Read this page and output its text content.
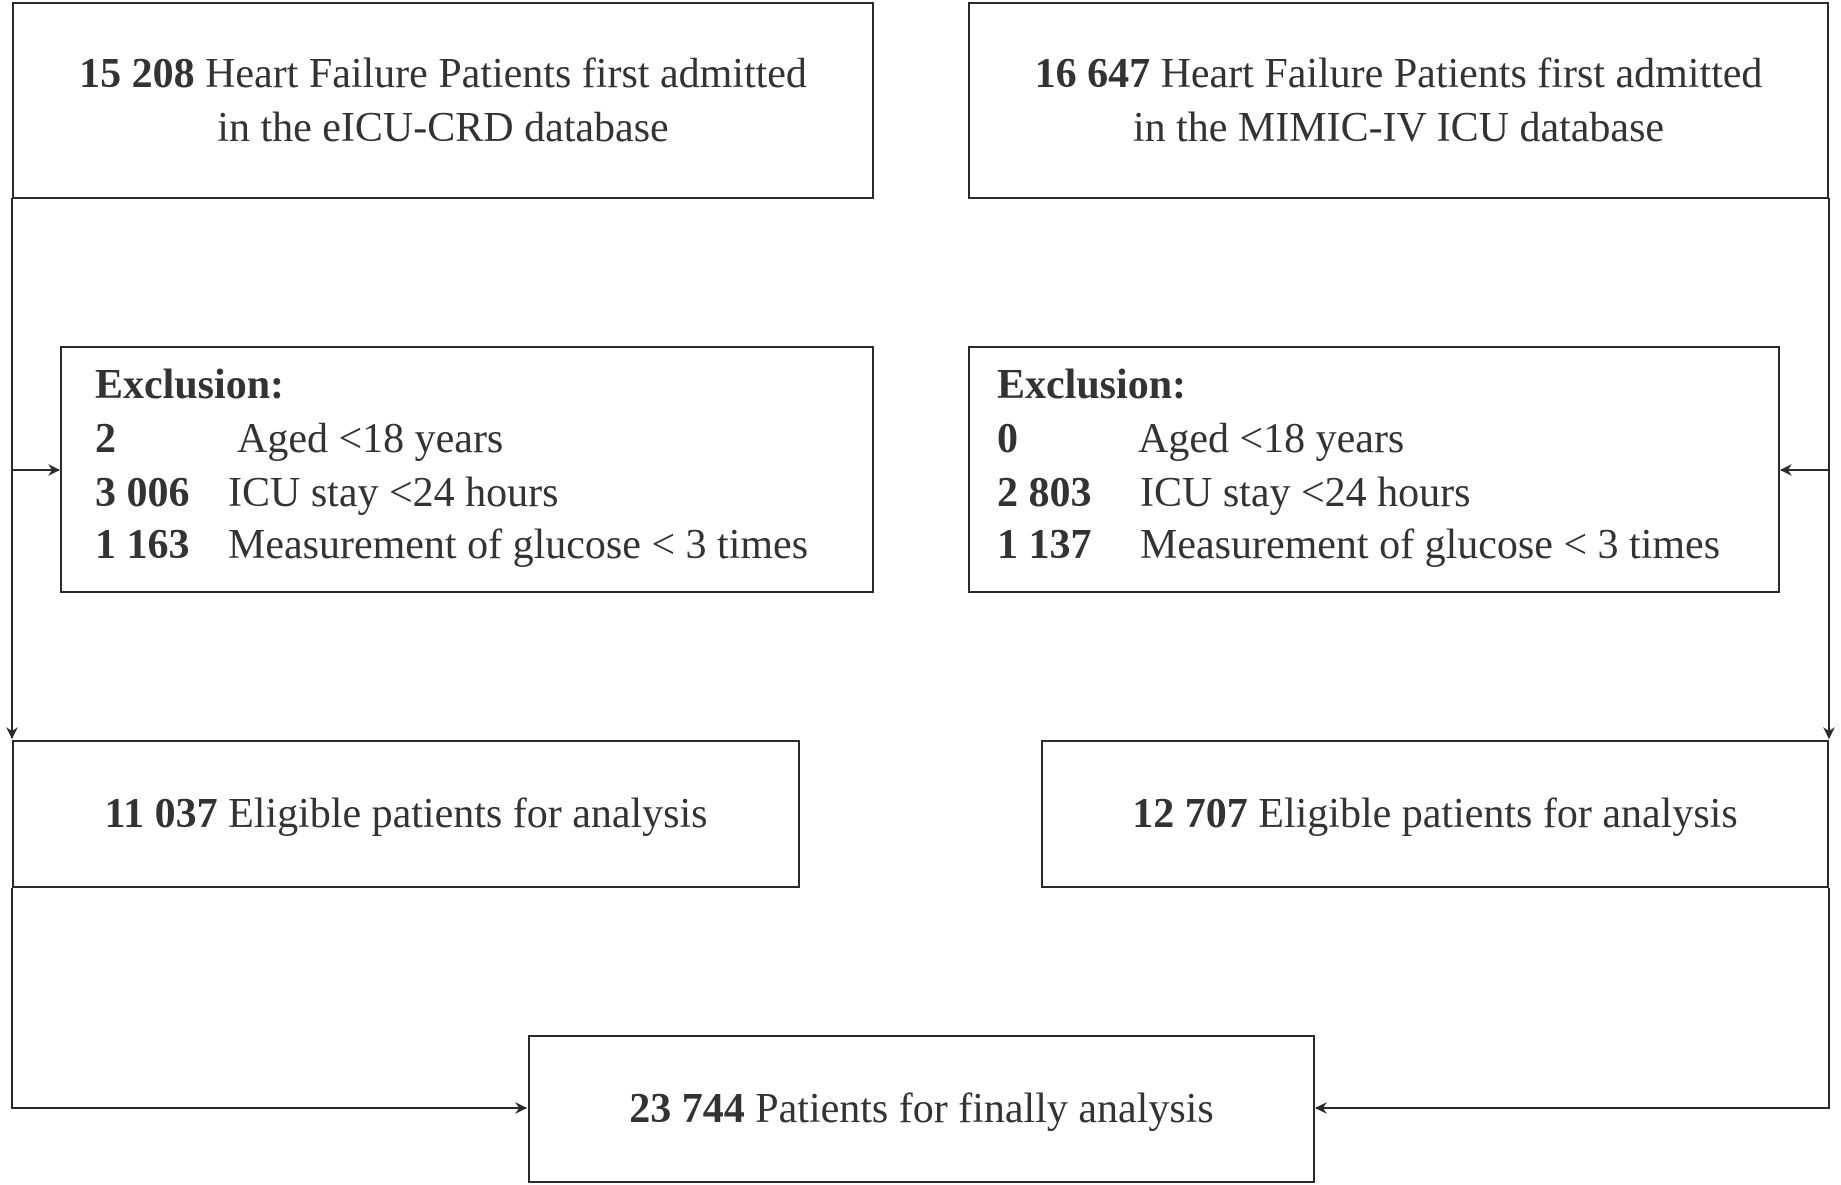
15 208 Heart Failure Patients first admitted
in the eICU-CRD database
16 647 Heart Failure Patients first admitted
in the MIMIC-IV ICU database
Exclusion:
2	Aged <18 years
3 006 ICU stay <24 hours
1 163 Measurement of glucose < 3 times
Exclusion:
0	Aged <18 years
2 803 ICU stay <24 hours
1 137 Measurement of glucose < 3 times
11 037 Eligible patients for analysis	12 707 Eligible patients for analysis
23 744 Patients for finally analysis
